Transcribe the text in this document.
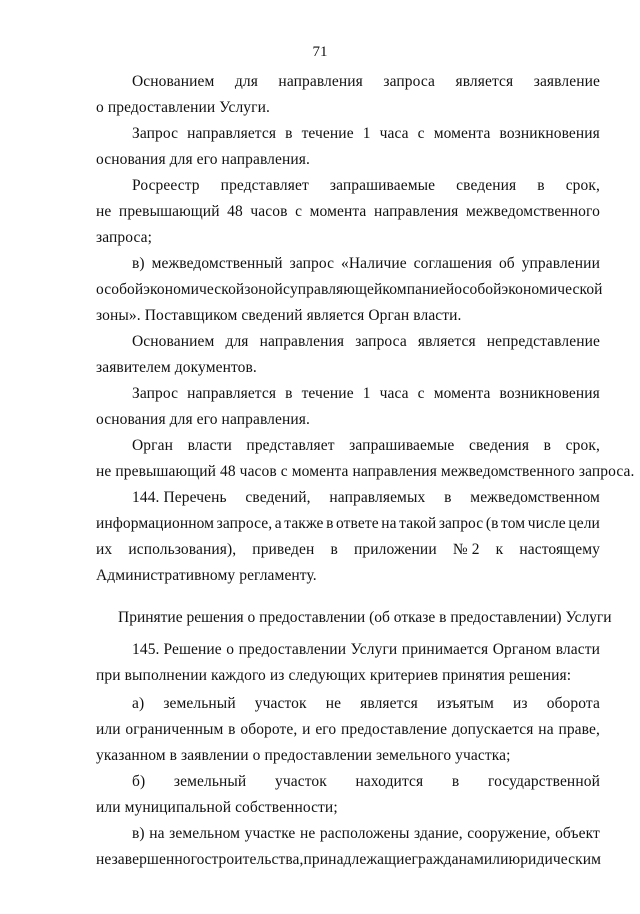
71
Основанием для направления запроса является заявление
о предоставлении Услуги.
Запрос направляется в течение 1 часа с момента возникновения
основания для его направления.
Росреестр представляет запрашиваемые сведения в срок,
не превышающий 48 часов с момента направления межведомственного
запроса;
в) межведомственный запрос «Наличие соглашения об управлении
особой экономической зоной с управляющей компанией особой экономической
зоны». Поставщиком сведений является Орган власти.
Основанием для направления запроса является непредставление
заявителем документов.
Запрос направляется в течение 1 часа с момента возникновения
основания для его направления.
Орган власти представляет запрашиваемые сведения в срок,
не превышающий 48 часов с момента направления межведомственного запроса.
144. Перечень сведений, направляемых в межведомственном
информационном запросе, а также в ответе на такой запрос (в том числе цели
их использования), приведен в приложении № 2 к настоящему
Административному регламенту.
Принятие решения о предоставлении (об отказе в предоставлении) Услуги
145. Решение о предоставлении Услуги принимается Органом власти
при выполнении каждого из следующих критериев принятия решения:
а) земельный участок не является изъятым из оборота
или ограниченным в обороте, и его предоставление допускается на праве,
указанном в заявлении о предоставлении земельного участка;
б) земельный участок находится в государственной
или муниципальной собственности;
в) на земельном участке не расположены здание, сооружение, объект
незавершенного строительства, принадлежащие гражданам или юридическим
